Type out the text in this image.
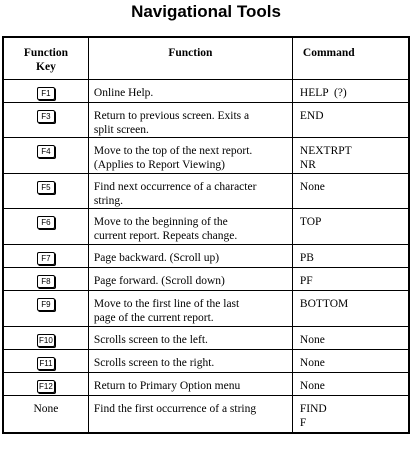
Navigational Tools
Function
Key	Function	Command
F1	Online Help.	HELP  (?)

F3	Return to previous screen. Exits a
split screen.	END

F4	Move to the top of the next report.
(Applies to Report Viewing)	NEXTRPT
NR

F5	Find next occurrence of a character
string.	None

F6	Move to the beginning of the
current report. Repeats change.	TOP

F7	Page backward. (Scroll up)	PB

F8	Page forward. (Scroll down)	PF

F9	Move to the first line of the last
page of the current report.	BOTTOM

F10	Scrolls screen to the left.	None

F11	Scrolls screen to the right.	None

F12	Return to Primary Option menu	None

None	Find the first occurrence of a string	FIND
F
